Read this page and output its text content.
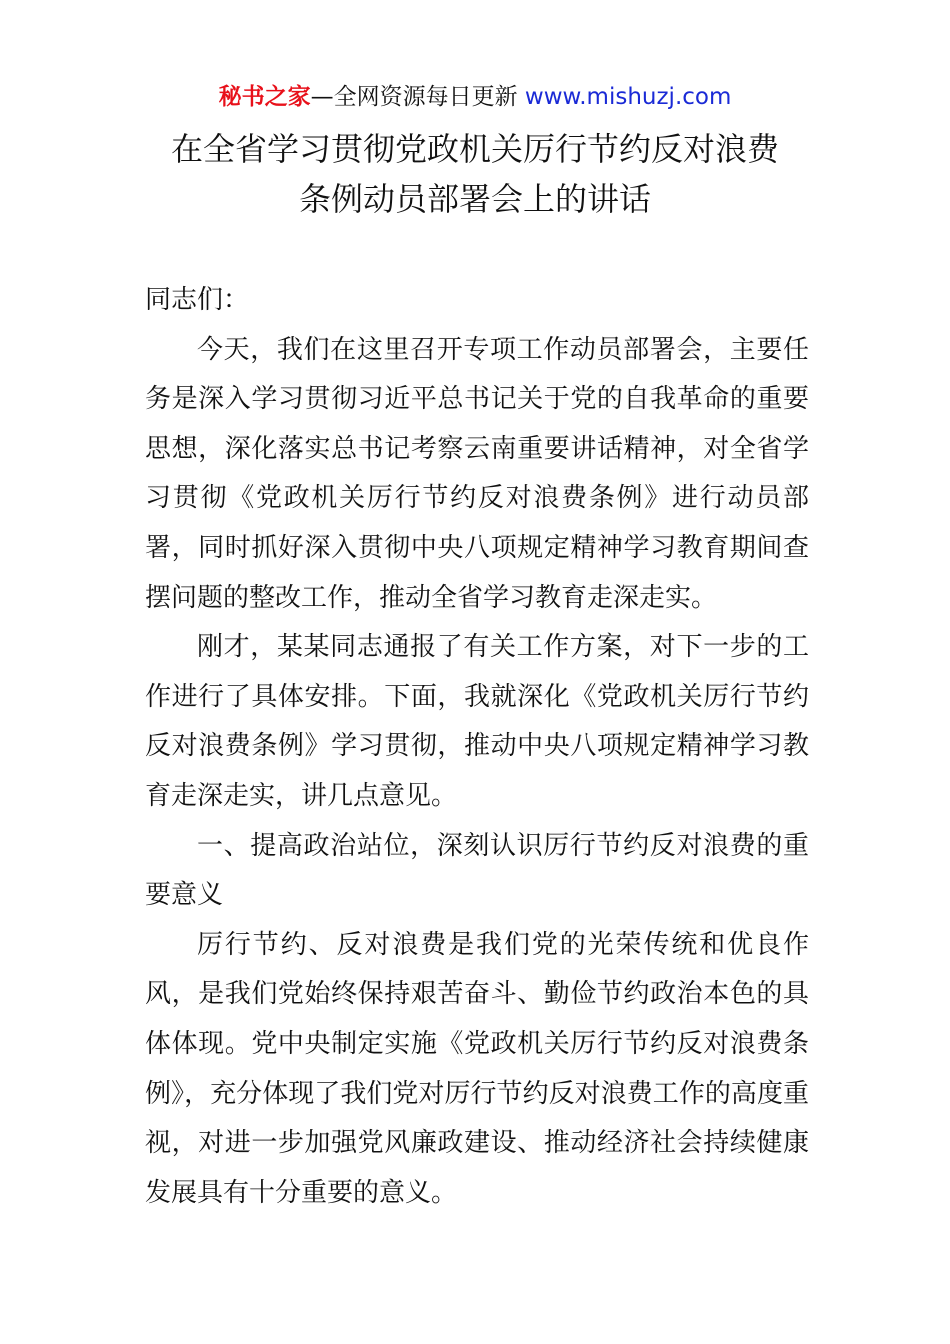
秘书之家—全网资源每日更新 www.mishuzj.com
在全省学习贯彻党政机关厉行节约反对浪费
条例动员部署会上的讲话

同志们：

今天，我们在这里召开专项工作动员部署会，主要任务是深入学习贯彻习近平总书记关于党的自我革命的重要思想，深化落实总书记考察云南重要讲话精神，对全省学习贯彻《党政机关厉行节约反对浪费条例》进行动员部署，同时抓好深入贯彻中央八项规定精神学习教育期间查摆问题的整改工作，推动全省学习教育走深走实。

刚才，某某同志通报了有关工作方案，对下一步的工作进行了具体安排。下面，我就深化《党政机关厉行节约反对浪费条例》学习贯彻，推动中央八项规定精神学习教育走深走实，讲几点意见。

一、提高政治站位，深刻认识厉行节约反对浪费的重要意义

厉行节约、反对浪费是我们党的光荣传统和优良作风，是我们党始终保持艰苦奋斗、勤俭节约政治本色的具体体现。党中央制定实施《党政机关厉行节约反对浪费条例》，充分体现了我们党对厉行节约反对浪费工作的高度重视，对进一步加强党风廉政建设、推动经济社会持续健康发展具有十分重要的意义。
